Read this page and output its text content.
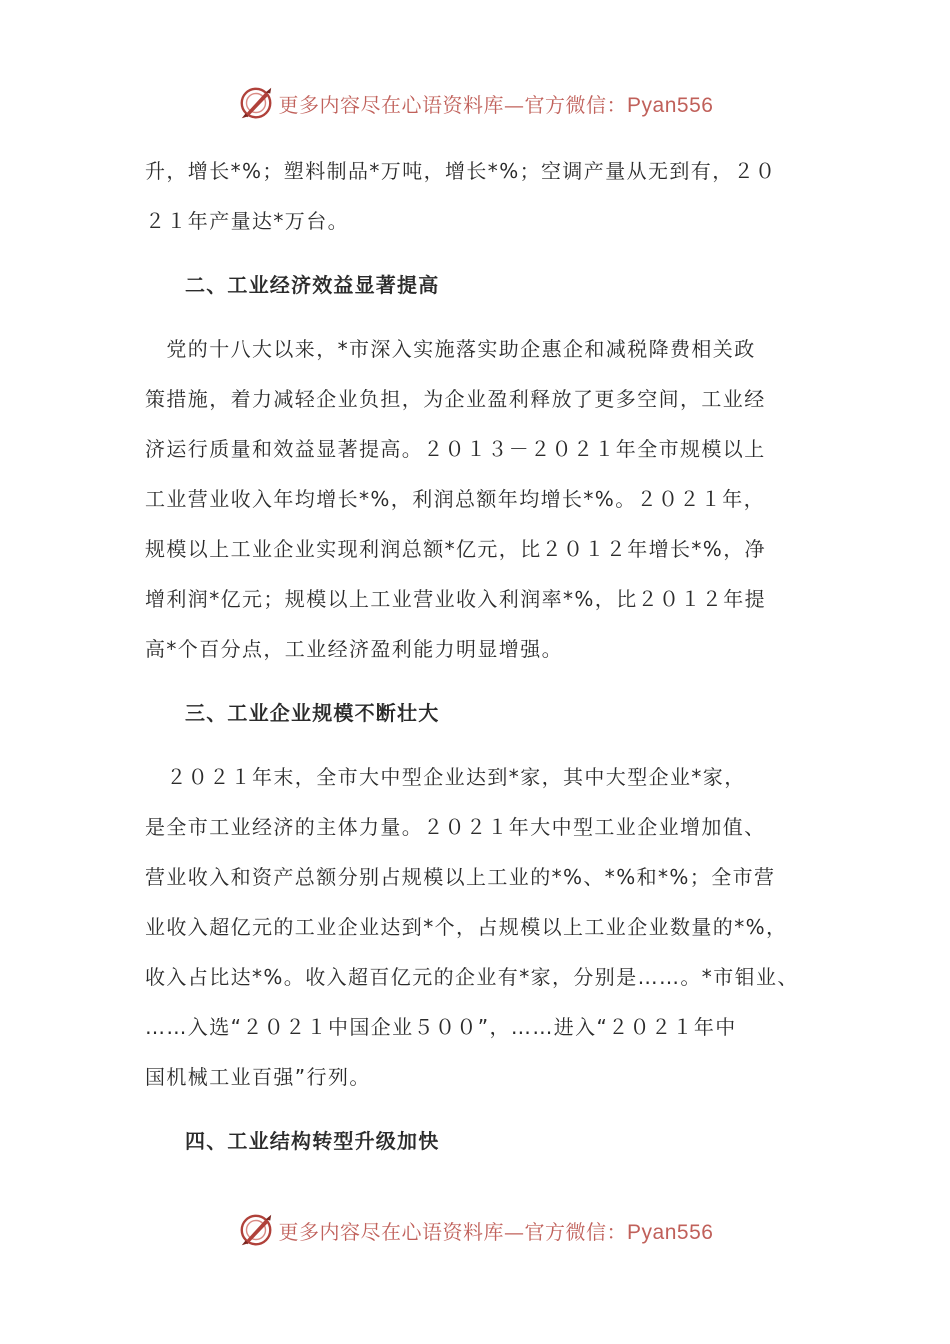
更多内容尽在心语资料库—官方微信：Pyan556
升，增长*%；塑料制品*万吨，增长*%；空调产量从无到有，２０
２１年产量达*万台。
二、工业经济效益显著提高
　党的十八大以来，*市深入实施落实助企惠企和减税降费相关政
策措施，着力减轻企业负担，为企业盈利释放了更多空间，工业经
济运行质量和效益显著提高。２０１３－２０２１年全市规模以上
工业营业收入年均增长*%，利润总额年均增长*%。２０２１年，
规模以上工业企业实现利润总额*亿元，比２０１２年增长*%，净
增利润*亿元；规模以上工业营业收入利润率*%，比２０１２年提
高*个百分点，工业经济盈利能力明显增强。
三、工业企业规模不断壮大
　２０２１年末，全市大中型企业达到*家，其中大型企业*家，
是全市工业经济的主体力量。２０２１年大中型工业企业增加值、
营业收入和资产总额分别占规模以上工业的*%、*%和*%；全市营
业收入超亿元的工业企业达到*个，占规模以上工业企业数量的*%，
收入占比达*%。收入超百亿元的企业有*家，分别是……。*市钼业、
……入选“２０２１中国企业５００”，……进入“２０２１年中
国机械工业百强”行列。
四、工业结构转型升级加快
更多内容尽在心语资料库—官方微信：Pyan556
